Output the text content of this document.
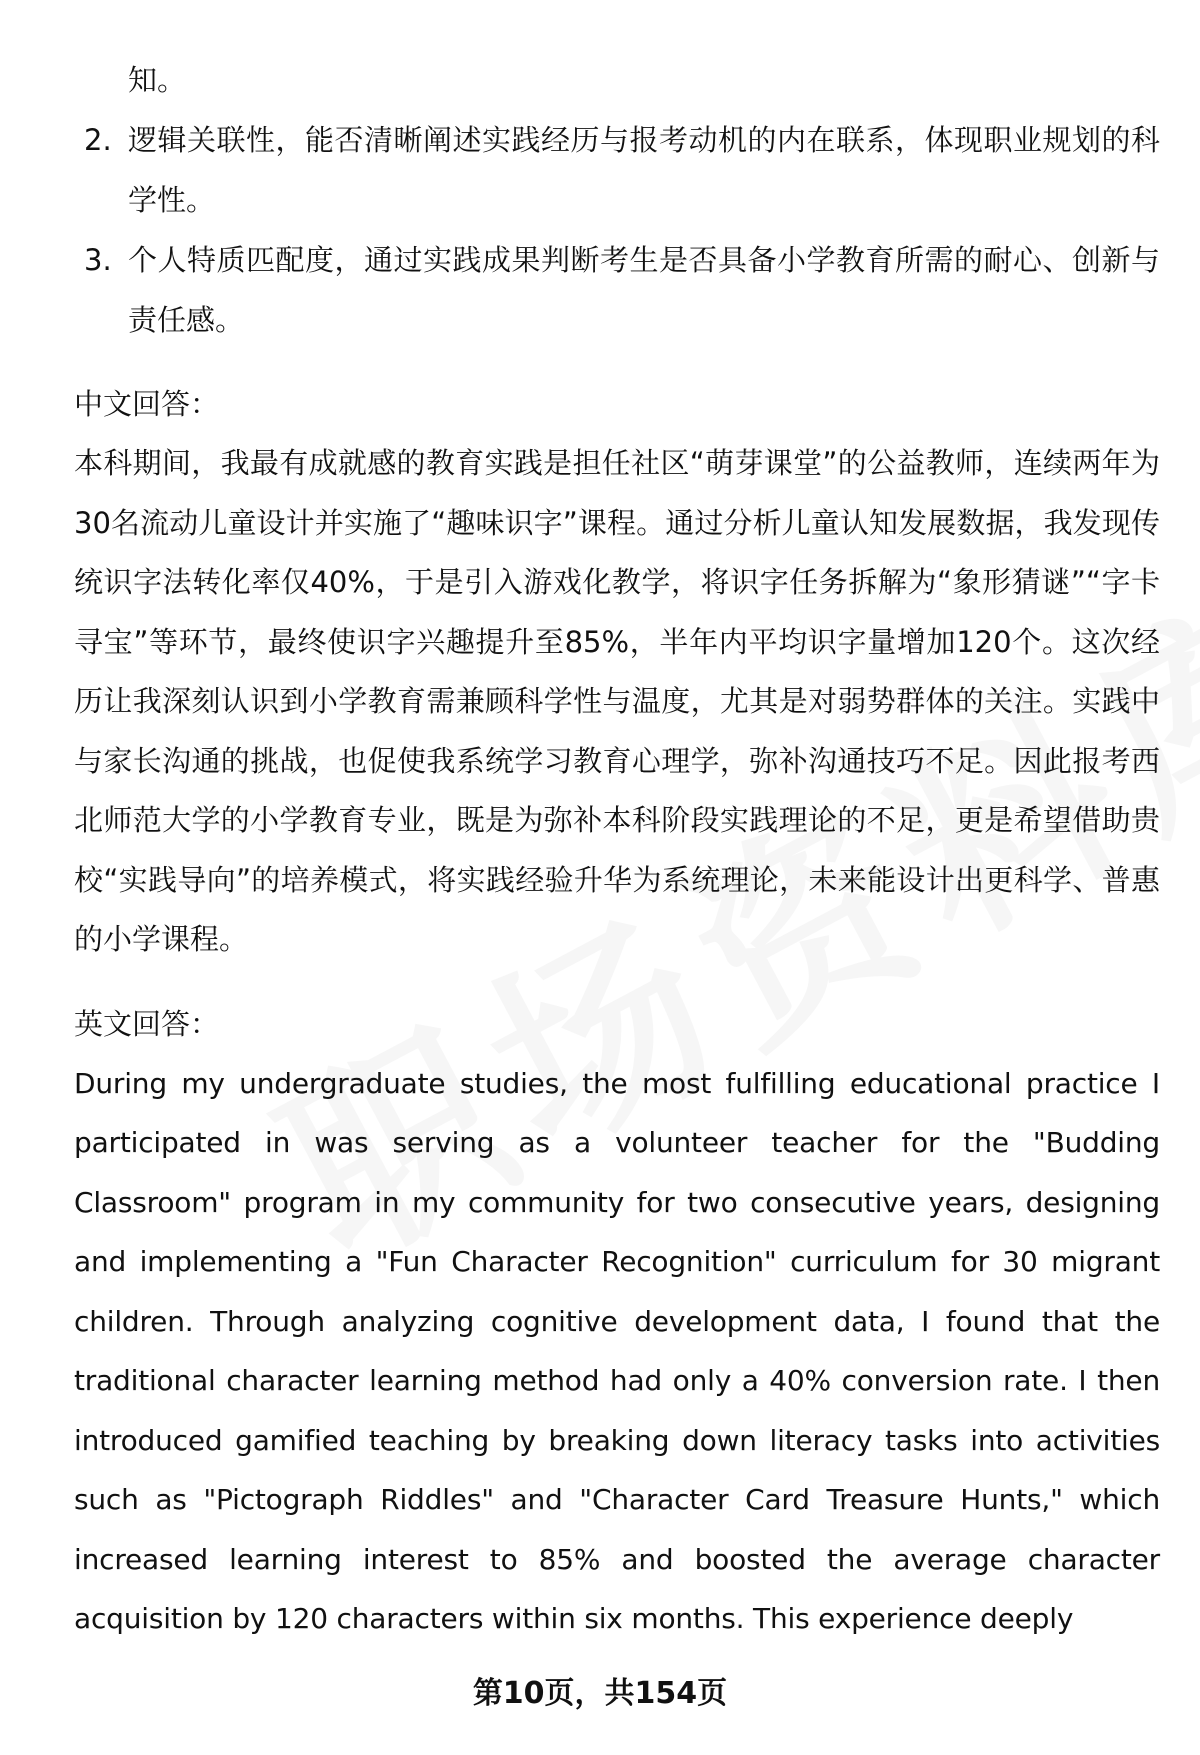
知。

2. 逻辑关联性，能否清晰阐述实践经历与报考动机的内在联系，体现职业规划的科学性。
3. 个人特质匹配度，通过实践成果判断考生是否具备小学教育所需的耐心、创新与责任感。

中文回答：

本科期间，我最有成就感的教育实践是担任社区“萌芽课堂”的公益教师，连续两年为30名流动儿童设计并实施了“趣味识字”课程。通过分析儿童认知发展数据，我发现传统识字法转化率仅40%，于是引入游戏化教学，将识字任务拆解为“象形猜谜”“字卡寻宝”等环节，最终使识字兴趣提升至85%，半年内平均识字量增加120个。这次经历让我深刻认识到小学教育需兼顾科学性与温度，尤其是对弱势群体的关注。实践中与家长沟通的挑战，也促使我系统学习教育心理学，弥补沟通技巧不足。因此报考西北师范大学的小学教育专业，既是为弥补本科阶段实践理论的不足，更是希望借助贵校“实践导向”的培养模式，将实践经验升华为系统理论，未来能设计出更科学、普惠的小学课程。

英文回答：

During my undergraduate studies, the most fulfilling educational practice I participated in was serving as a volunteer teacher for the "Budding Classroom" program in my community for two consecutive years, designing and implementing a "Fun Character Recognition" curriculum for 30 migrant children. Through analyzing cognitive development data, I found that the traditional character learning method had only a 40% conversion rate. I then introduced gamified teaching by breaking down literacy tasks into activities such as "Pictograph Riddles" and "Character Card Treasure Hunts," which increased learning interest to 85% and boosted the average character acquisition by 120 characters within six months. This experience deeply

第10页，共154页
